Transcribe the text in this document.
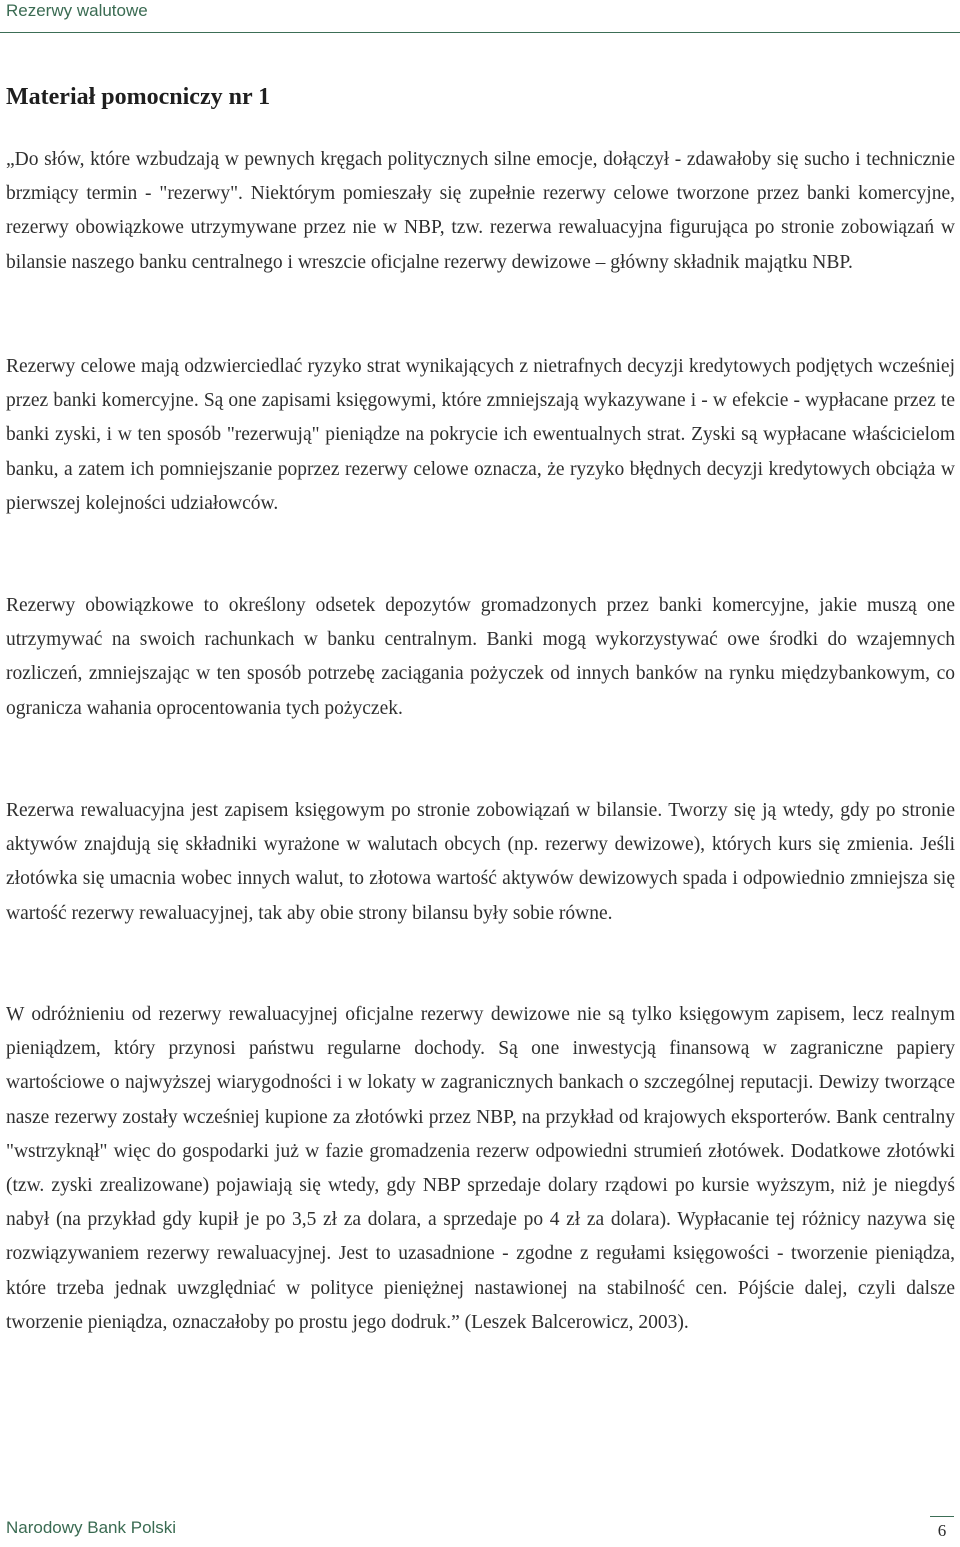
Rezerwy walutowe
Materiał pomocniczy nr 1

„Do słów, które wzbudzają w pewnych kręgach politycznych silne emocje, dołączył - zdawałoby się sucho i technicznie brzmiący termin - "rezerwy". Niektórym pomieszały się zupełnie rezerwy celowe tworzone przez banki komercyjne, rezerwy obowiązkowe utrzymywane przez nie w NBP, tzw. rezerwa rewaluacyjna figurująca po stronie zobowiązań w bilansie naszego banku centralnego i wreszcie oficjalne rezerwy dewizowe – główny składnik majątku NBP.

Rezerwy celowe mają odzwierciedlać ryzyko strat wynikających z nietrafnych decyzji kredytowych podjętych wcześniej przez banki komercyjne. Są one zapisami księgowymi, które zmniejszają wykazywane i - w efekcie - wypłacane przez te banki zyski, i w ten sposób "rezerwują" pieniądze na pokrycie ich ewentualnych strat. Zyski są wypłacane właścicielom banku, a zatem ich pomniejszanie poprzez rezerwy celowe oznacza, że ryzyko błędnych decyzji kredytowych obciąża w pierwszej kolejności udziałowców.

Rezerwy obowiązkowe to określony odsetek depozytów gromadzonych przez banki komercyjne, jakie muszą one utrzymywać na swoich rachunkach w banku centralnym. Banki mogą wykorzystywać owe środki do wzajemnych rozliczeń, zmniejszając w ten sposób potrzebę zaciągania pożyczek od innych banków na rynku międzybankowym, co ogranicza wahania oprocentowania tych pożyczek.

Rezerwa rewaluacyjna jest zapisem księgowym po stronie zobowiązań w bilansie. Tworzy się ją wtedy, gdy po stronie aktywów znajdują się składniki wyrażone w walutach obcych (np. rezerwy dewizowe), których kurs się zmienia. Jeśli złotówka się umacnia wobec innych walut, to złotowa wartość aktywów dewizowych spada i odpowiednio zmniejsza się wartość rezerwy rewaluacyjnej, tak aby obie strony bilansu były sobie równe.

W odróżnieniu od rezerwy rewaluacyjnej oficjalne rezerwy dewizowe nie są tylko księgowym zapisem, lecz realnym pieniądzem, który przynosi państwu regularne dochody. Są one inwestycją finansową w zagraniczne papiery wartościowe o najwyższej wiarygodności i w lokaty w zagranicznych bankach o szczególnej reputacji. Dewizy tworzące nasze rezerwy zostały wcześniej kupione za złotówki przez NBP, na przykład od krajowych eksporterów. Bank centralny "wstrzyknął" więc do gospodarki już w fazie gromadzenia rezerw odpowiedni strumień złotówek. Dodatkowe złotówki (tzw. zyski zrealizowane) pojawiają się wtedy, gdy NBP sprzedaje dolary rządowi po kursie wyższym, niż je niegdyś nabył (na przykład gdy kupił je po 3,5 zł za dolara, a sprzedaje po 4 zł za dolara). Wypłacanie tej różnicy nazywa się rozwiązywaniem rezerwy rewaluacyjnej. Jest to uzasadnione - zgodne z regułami księgowości - tworzenie pieniądza, które trzeba jednak uwzględniać w polityce pieniężnej nastawionej na stabilność cen. Pójście dalej, czyli dalsze tworzenie pieniądza, oznaczałoby po prostu jego dodruk.” (Leszek Balcerowicz, 2003).

Narodowy Bank Polski	6
